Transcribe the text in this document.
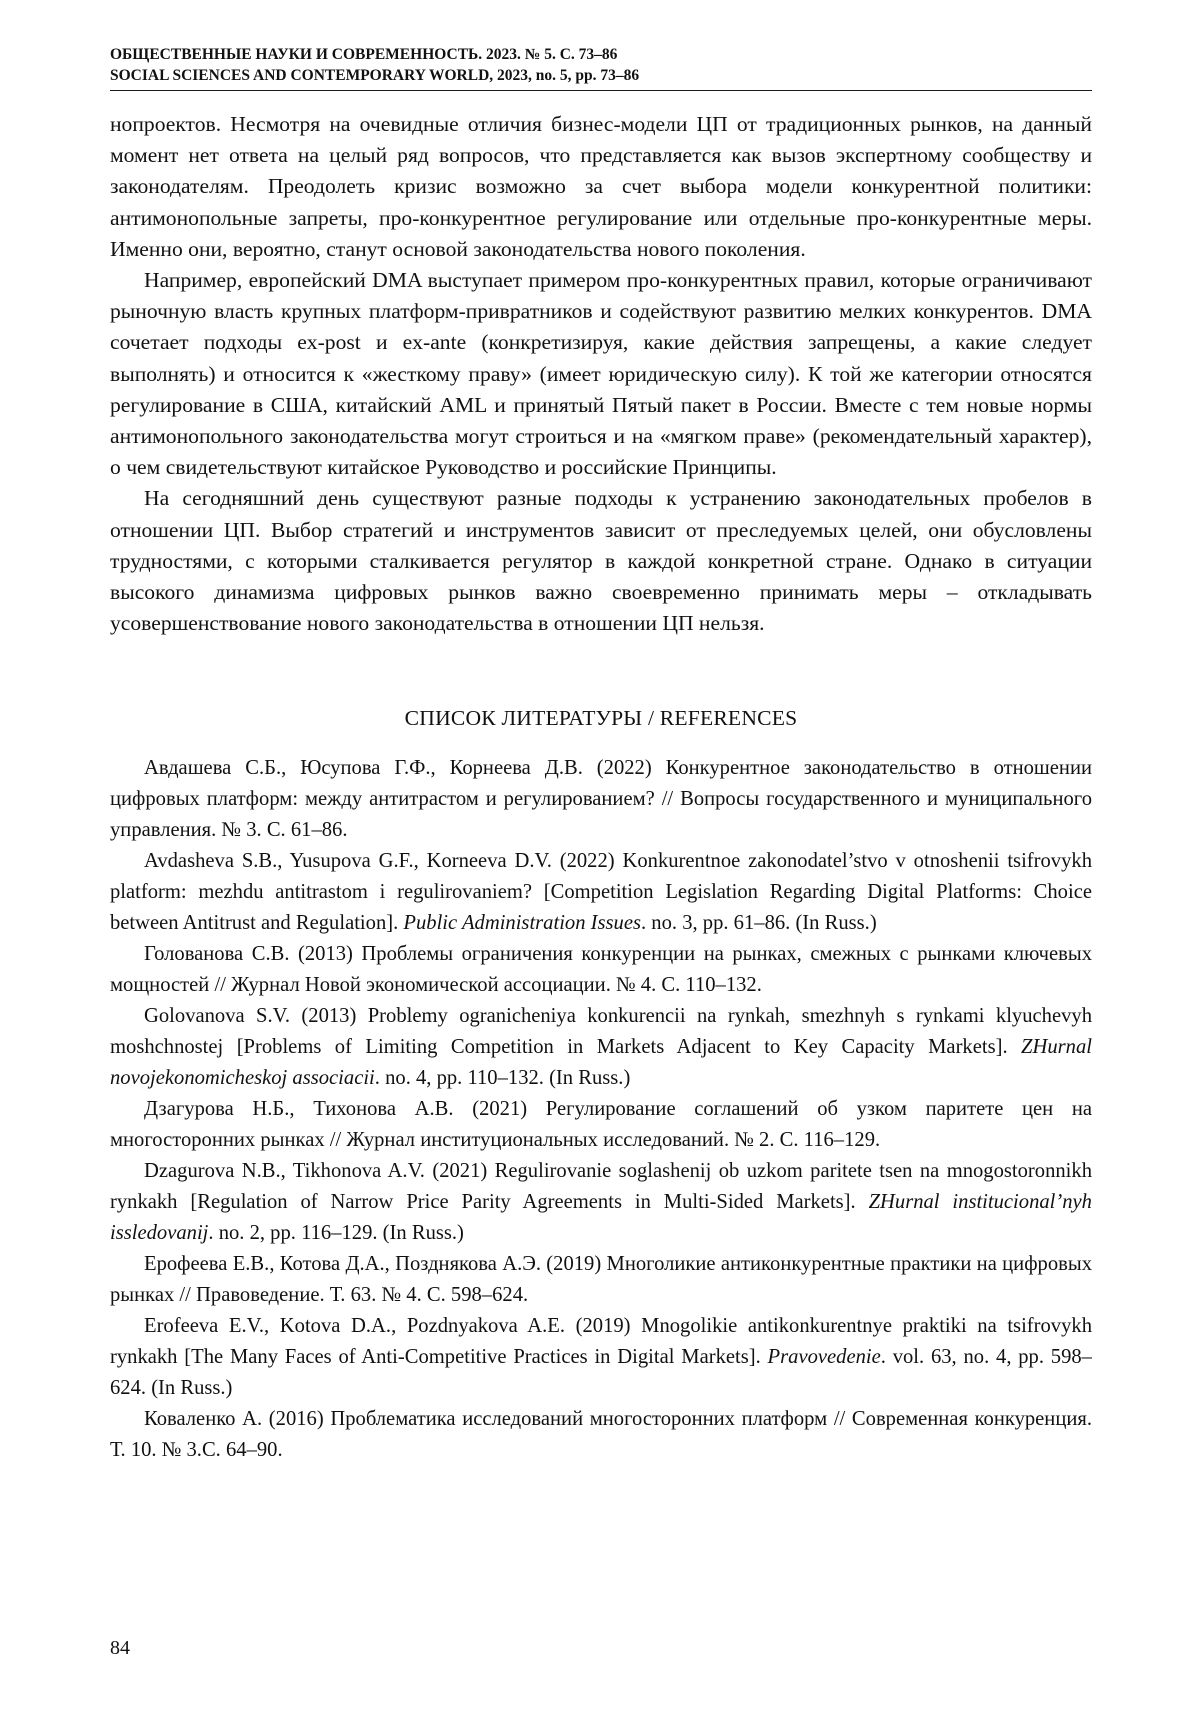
ОБЩЕСТВЕННЫЕ НАУКИ И СОВРЕМЕННОСТЬ. 2023. № 5. С. 73–86
SOCIAL SCIENCES AND CONTEMPORARY WORLD, 2023, no. 5, pp. 73–86

нопроектов. Несмотря на очевидные отличия бизнес-модели ЦП от традиционных рынков, на данный момент нет ответа на целый ряд вопросов, что представляется как вызов экспертному сообществу и законодателям. Преодолеть кризис возможно за счет выбора модели конкурентной политики: антимонопольные запреты, про-конкурентное регулирование или отдельные про-конкурентные меры. Именно они, вероятно, станут основой законодательства нового поколения.

Например, европейский DMA выступает примером про-конкурентных правил, которые ограничивают рыночную власть крупных платформ-привратников и содействуют развитию мелких конкурентов. DMA сочетает подходы ex-post и ex-ante (конкретизируя, какие действия запрещены, а какие следует выполнять) и относится к «жесткому праву» (имеет юридическую силу). К той же категории относятся регулирование в США, китайский AML и принятый Пятый пакет в России. Вместе с тем новые нормы антимонопольного законодательства могут строиться и на «мягком праве» (рекомендательный характер), о чем свидетельствуют китайское Руководство и российские Принципы.

На сегодняшний день существуют разные подходы к устранению законодательных пробелов в отношении ЦП. Выбор стратегий и инструментов зависит от преследуемых целей, они обусловлены трудностями, с которыми сталкивается регулятор в каждой конкретной стране. Однако в ситуации высокого динамизма цифровых рынков важно своевременно принимать меры – откладывать усовершенствование нового законодательства в отношении ЦП нельзя.

СПИСОК ЛИТЕРАТУРЫ / REFERENCES

Авдашева С.Б., Юсупова Г.Ф., Корнеева Д.В. (2022) Конкурентное законодательство в отношении цифровых платформ: между антитрастом и регулированием? // Вопросы государственного и муниципального управления. № 3. С. 61–86.

Avdasheva S.B., Yusupova G.F., Korneeva D.V. (2022) Konkurentnoe zakonodatel’stvo v otnoshenii tsifrovykh platform: mezhdu antitrastom i regulirovaniem? [Competition Legislation Regarding Digital Platforms: Choice between Antitrust and Regulation]. Public Administration Issues. no. 3, pp. 61–86. (In Russ.)

Голованова С.В. (2013) Проблемы ограничения конкуренции на рынках, смежных с рынками ключевых мощностей // Журнал Новой экономической ассоциации. № 4. С. 110–132.

Golovanova S.V. (2013) Problemy ogranicheniya konkurencii na rynkah, smezhnyh s rynkami klyuchevyh moshchnostej [Problems of Limiting Competition in Markets Adjacent to Key Capacity Markets]. ZHurnal novojekonomicheskoj associacii. no. 4, pp. 110–132. (In Russ.)

Дзагурова Н.Б., Тихонова А.В. (2021) Регулирование соглашений об узком паритете цен на многосторонних рынках // Журнал институциональных исследований. № 2. С. 116–129.

Dzagurova N.B., Tikhonova A.V. (2021) Regulirovanie soglashenij ob uzkom paritete tsen na mnogostoronnikh rynkakh [Regulation of Narrow Price Parity Agreements in Multi-Sided Markets]. ZHurnal institucional’nyh issledovanij. no. 2, pp. 116–129. (In Russ.)

Ерофеева Е.В., Котова Д.А., Позднякова А.Э. (2019) Многоликие антиконкурентные практики на цифровых рынках // Правоведение. Т. 63. № 4. С. 598–624.

Erofeeva E.V., Kotova D.A., Pozdnyakova A.E. (2019) Mnogolikie antikonkurentnye praktiki na tsifrovykh rynkakh [The Many Faces of Anti-Competitive Practices in Digital Markets]. Pravovedenie. vol. 63, no. 4, pp. 598–624. (In Russ.)

Коваленко А. (2016) Проблематика исследований многосторонних платформ // Современная конкуренция. Т. 10. № 3.С. 64–90.

84
